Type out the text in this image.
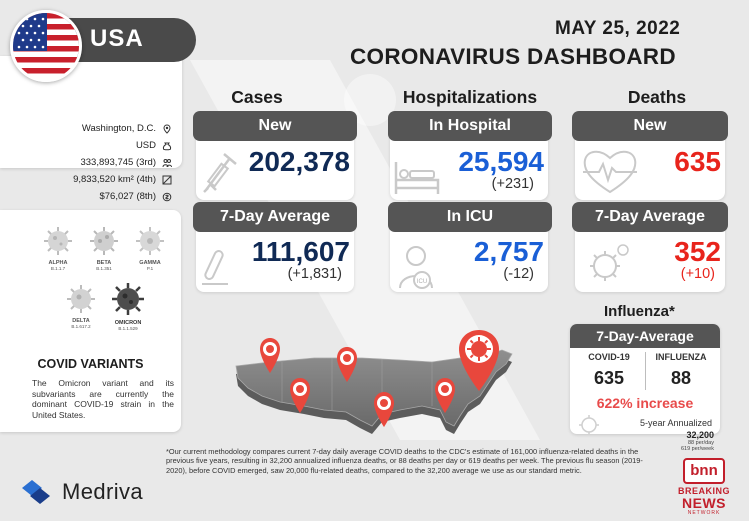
Washington, D.C.
USD
333,893,745 (3rd)
9,833,520 km² (4th)
$76,027 (8th)
USA	MAY 25, 2022
CORONAVIRUS DASHBOARD
Cases
202,378
New
111,607
(+1,831)
7-Day Average
Hospitalizations
25,594
(+231)
In Hospital
ICU
2,757
(-12)
In ICU
Deaths
635
New
352
(+10)
7-Day Average
ALPHA
B.1.1.7
BETA
B.1.351
GAMMA
P.1
DELTA
B.1.617.2
OMICRON
B.1.1.529
COVID VARIANTS
The Omicron variant and its subvariants are currently the dominant COVID-19 strain in the United States.
Influenza*
7-Day-Average
COVID-19	INFLUENZA
635	88
622% increase
5-year Annualized
32,200
88 per/day
619 per/week
Medriva
*Our current methodology compares current 7-day daily average COVID deaths to the CDC's estimate of 161,000 influenza-related deaths in the previous five years, resulting in 32,200 annualized influenza deaths, or 88 deaths per day or 619 deaths per week. The previous flu season (2019-2020), before COVID emerged, saw 20,000 flu-related deaths, compared to the 32,200 average we use as our standard metric.	bnn
BREAKING
NEWS
NETWORK
